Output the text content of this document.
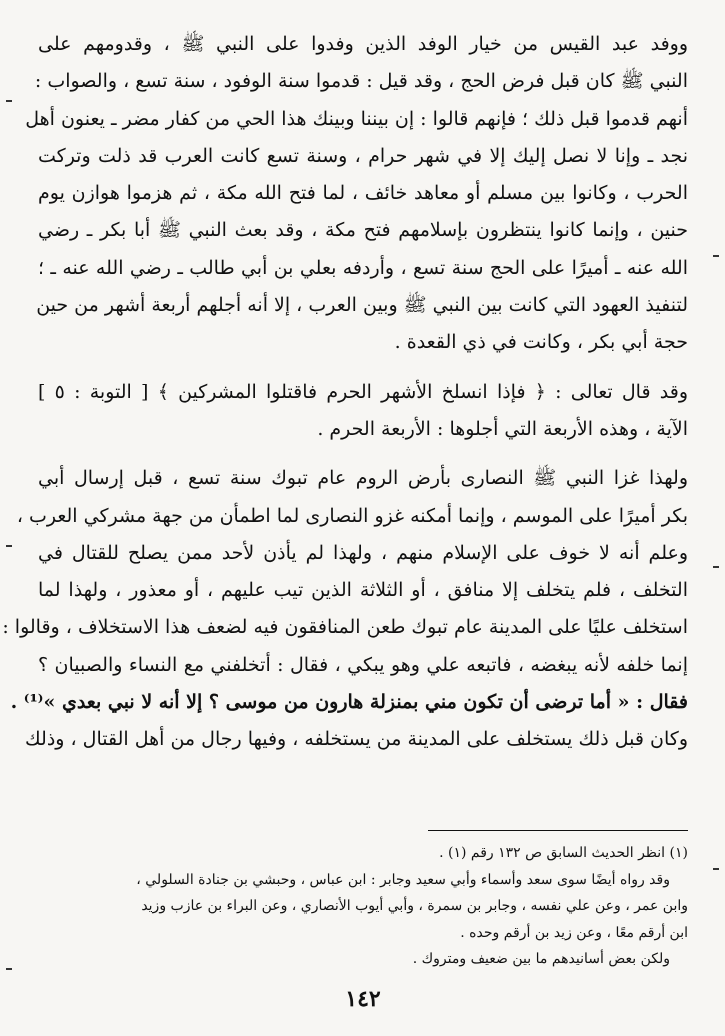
ووفد عبد القيس من خيار الوفد الذين وفدوا على النبي ﷺ ، وقدومهم على
النبي ﷺ كان قبل فرض الحج ، وقد قيل : قدموا سنة الوفود ، سنة تسع ، والصواب :
أنهم قدموا قبل ذلك ؛ فإنهم قالوا : إن بيننا وبينك هذا الحي من كفار مضر ـ يعنون أهل
نجد ـ وإنا لا نصل إليك إلا في شهر حرام ، وسنة تسع كانت العرب قد ذلت وتركت
الحرب ، وكانوا بين مسلم أو معاهد خائف ، لما فتح الله مكة ، ثم هزموا هوازن يوم
حنين ، وإنما كانوا ينتظرون بإسلامهم فتح مكة ، وقد بعث النبي ﷺ أبا بكر ـ رضي
الله عنه ـ أميرًا على الحج سنة تسع ، وأردفه بعلي بن أبي طالب ـ رضي الله عنه ـ ؛
لتنفيذ العهود التي كانت بين النبي ﷺ وبين العرب ، إلا أنه أجلهم أربعة أشهر من حين
حجة أبي بكر ، وكانت في ذي القعدة .
وقد قال تعالى : ﴿ فإذا انسلخ الأشهر الحرم فاقتلوا المشركين ﴾ [ التوبة : ٥ ]
الآية ، وهذه الأربعة التي أجلوها : الأربعة الحرم .
ولهذا غزا النبي ﷺ النصارى بأرض الروم عام تبوك سنة تسع ، قبل إرسال أبي
بكر أميرًا على الموسم ، وإنما أمكنه غزو النصارى لما اطمأن من جهة مشركي العرب ،
وعلم أنه لا خوف على الإسلام منهم ، ولهذا لم يأذن لأحد ممن يصلح للقتال في
التخلف ، فلم يتخلف إلا منافق ، أو الثلاثة الذين تيب عليهم ، أو معذور ، ولهذا لما
استخلف عليًا على المدينة عام تبوك طعن المنافقون فيه لضعف هذا الاستخلاف ، وقالوا :
إنما خلفه لأنه يبغضه ، فاتبعه علي وهو يبكي ، فقال : أتخلفني مع النساء والصبيان ؟
فقال : « أما ترضى أن تكون مني بمنزلة هارون من موسى ؟ إلا أنه لا نبي بعدي »⁽¹⁾ .
وكان قبل ذلك يستخلف على المدينة من يستخلفه ، وفيها رجال من أهل القتال ، وذلك
(١) انظر الحديث السابق ص ١٣٢ رقم (١) .
وقد رواه أيضًا سوى سعد وأسماء وأبي سعيد وجابر : ابن عباس ، وحبشي بن جنادة السلولي ،
وابن عمر ، وعن علي نفسه ، وجابر بن سمرة ، وأبي أيوب الأنصاري ، وعن البراء بن عازب وزيد
ابن أرقم معًا ، وعن زيد بن أرقم وحده .
ولكن بعض أسانيدهم ما بين ضعيف ومتروك .
١٤٢
